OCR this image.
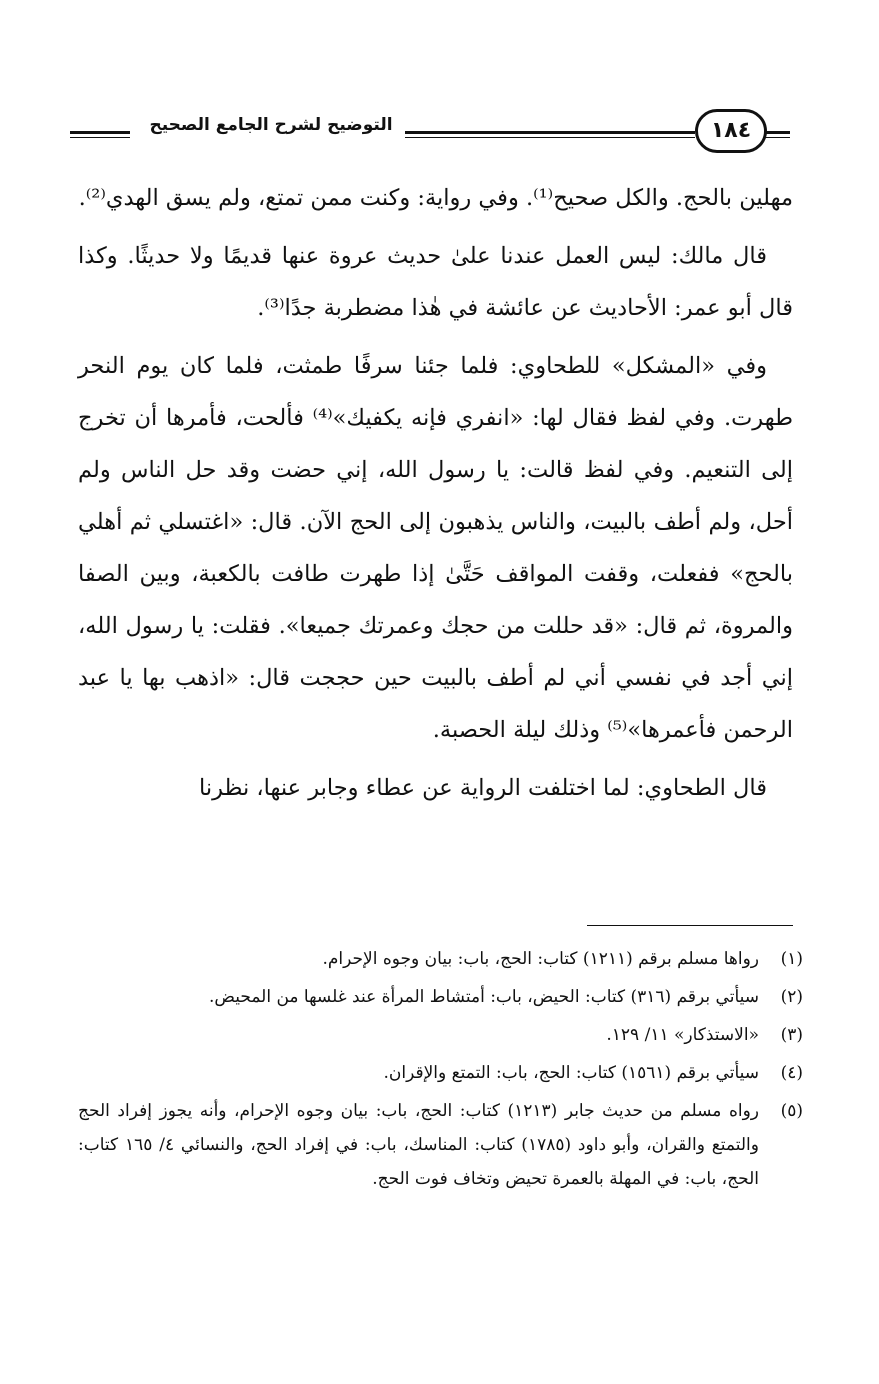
التوضيح لشرح الجامع الصحيح	١٨٤

مهلين بالحج. والكل صحيح⁽¹⁾. وفي رواية: وكنت ممن تمتع، ولم يسق الهدي⁽²⁾.

قال مالك: ليس العمل عندنا علىٰ حديث عروة عنها قديمًا ولا حديثًا. وكذا قال أبو عمر: الأحاديث عن عائشة في هٰذا مضطربة جدًا⁽³⁾.

وفي «المشكل» للطحاوي: فلما جئنا سرفًا طمثت، فلما كان يوم النحر طهرت. وفي لفظ فقال لها: «انفري فإنه يكفيك»⁽⁴⁾ فألحت، فأمرها أن تخرج إلى التنعيم. وفي لفظ قالت: يا رسول الله، إني حضت وقد حل الناس ولم أحل، ولم أطف بالبيت، والناس يذهبون إلى الحج الآن. قال: «اغتسلي ثم أهلي بالحج» ففعلت، وقفت المواقف حَتَّىٰ إذا طهرت طافت بالكعبة، وبين الصفا والمروة، ثم قال: «قد حللت من حجك وعمرتك جميعا». فقلت: يا رسول الله، إني أجد في نفسي أني لم أطف بالبيت حين حججت قال: «اذهب بها يا عبد الرحمن فأعمرها»⁽⁵⁾ وذلك ليلة الحصبة.

قال الطحاوي: لما اختلفت الرواية عن عطاء وجابر عنها، نظرنا

(١)
رواها مسلم برقم (١٢١١) كتاب: الحج، باب: بيان وجوه الإحرام.
(٢)
سيأتي برقم (٣١٦) كتاب: الحيض، باب: أمتشاط المرأة عند غلسها من المحيض.
(٣)
«الاستذكار» ١١/ ١٢٩.
(٤)
سيأتي برقم (١٥٦١) كتاب: الحج، باب: التمتع والإقران.
(٥)
رواه مسلم من حديث جابر (١٢١٣) كتاب: الحج، باب: بيان وجوه الإحرام، وأنه يجوز إفراد الحج والتمتع والقران، وأبو داود (١٧٨٥) كتاب: المناسك، باب: في إفراد الحج، والنسائي ٤/ ١٦٥ كتاب: الحج، باب: في المهلة بالعمرة تحيض وتخاف فوت الحج.
